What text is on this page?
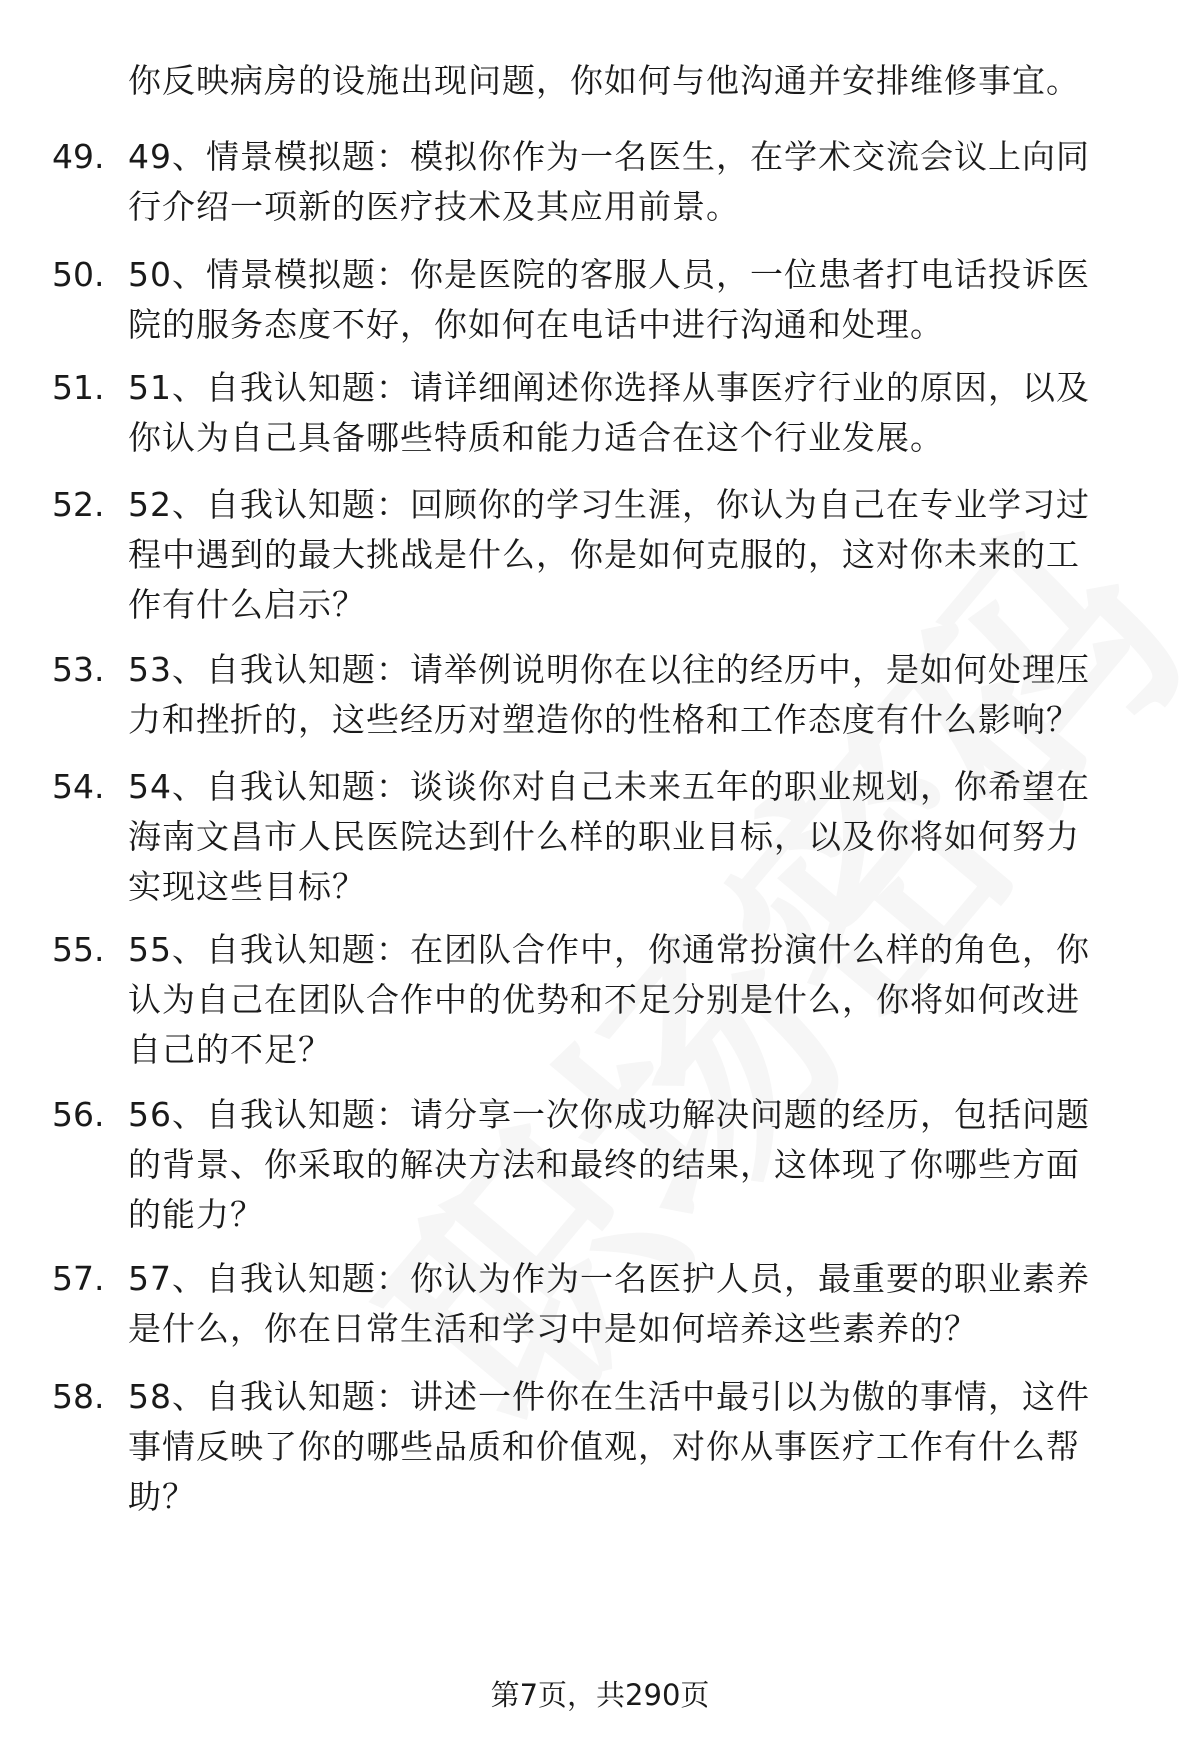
你反映病房的设施出现问题，你如何与他沟通并安排维修事宜。
49. 49、情景模拟题：模拟你作为一名医生，在学术交流会议上向同
行介绍一项新的医疗技术及其应用前景。
50. 50、情景模拟题：你是医院的客服人员，一位患者打电话投诉医
院的服务态度不好，你如何在电话中进行沟通和处理。
51. 51、自我认知题：请详细阐述你选择从事医疗行业的原因，以及
你认为自己具备哪些特质和能力适合在这个行业发展。
52. 52、自我认知题：回顾你的学习生涯，你认为自己在专业学习过
程中遇到的最大挑战是什么，你是如何克服的，这对你未来的工
作有什么启示？
53. 53、自我认知题：请举例说明你在以往的经历中，是如何处理压
力和挫折的，这些经历对塑造你的性格和工作态度有什么影响？
54. 54、自我认知题：谈谈你对自己未来五年的职业规划，你希望在
海南文昌市人民医院达到什么样的职业目标，以及你将如何努力
实现这些目标？
55. 55、自我认知题：在团队合作中，你通常扮演什么样的角色，你
认为自己在团队合作中的优势和不足分别是什么，你将如何改进
自己的不足？
56. 56、自我认知题：请分享一次你成功解决问题的经历，包括问题
的背景、你采取的解决方法和最终的结果，这体现了你哪些方面
的能力？
57. 57、自我认知题：你认为作为一名医护人员，最重要的职业素养
是什么，你在日常生活和学习中是如何培养这些素养的？
58. 58、自我认知题：讲述一件你在生活中最引以为傲的事情，这件
事情反映了你的哪些品质和价值观，对你从事医疗工作有什么帮
助？
第7页，共290页
